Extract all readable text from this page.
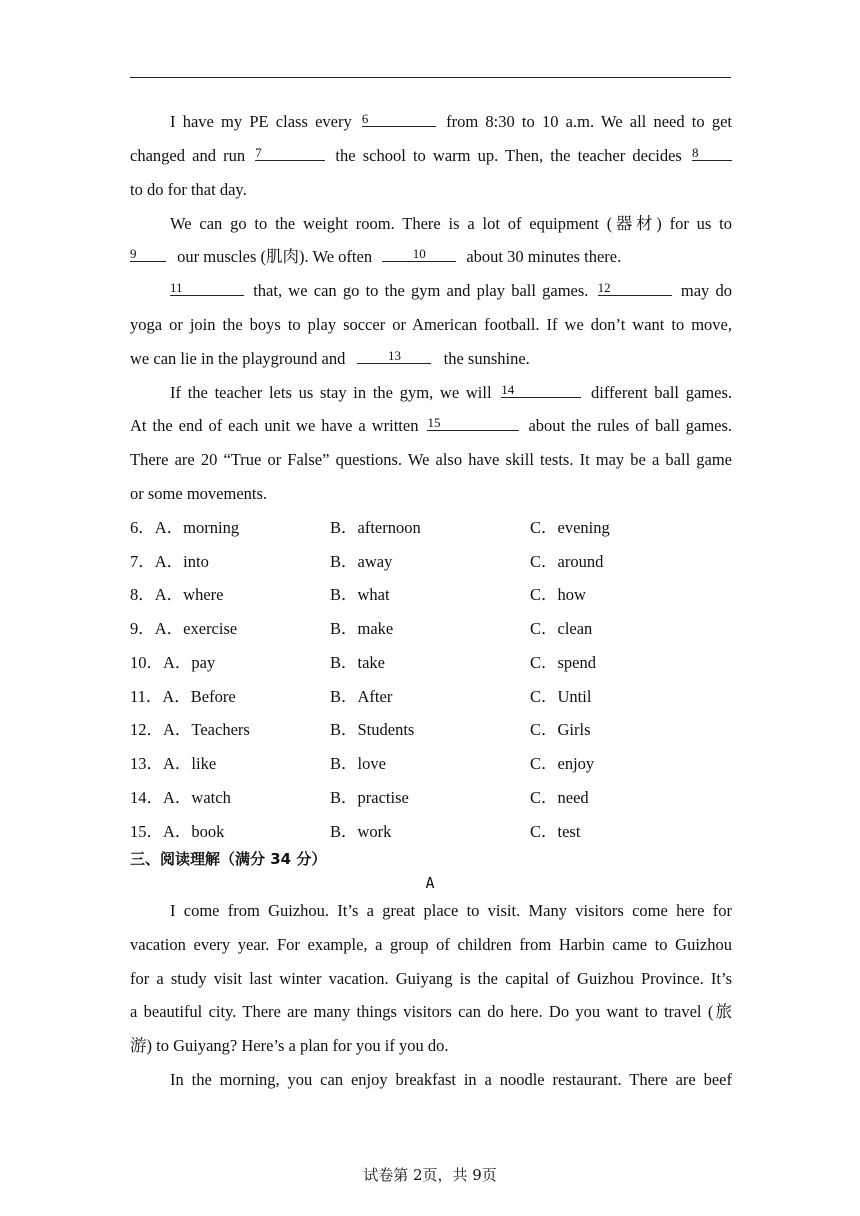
I have my PE class every 6	from 8:30 to 10 a.m. We all need to get
changed and run 7	the school to warm up. Then, the teacher decides 8
to do for that day.
We can go to the weight room. There is a lot of equipment (器材) for us to
9	our muscles (肌肉). We often	10	about 30 minutes there.
11	that, we can go to the gym and play ball games. 12	may do
yoga or join the boys to play soccer or American football. If we don’t want to move,
we can lie in the playground and	13	the sunshine.
If the teacher lets us stay in the gym, we will 14	different ball games.
At the end of each unit we have a written 15	about the rules of ball games.
There are 20 “True or False” questions. We also have skill tests. It may be a ball game
or some movements.
6．A．morning	B．afternoon	C．evening
7．A．into	B．away	C．around
8．A．where	B．what	C．how
9．A．exercise	B．make	C．clean
10．A．pay	B．take	C．spend
11．A．Before	B．After	C．Until
12．A．Teachers	B．Students	C．Girls
13．A．like	B．love	C．enjoy
14．A．watch	B．practise	C．need
15．A．book	B．work	C．test
三、阅读理解（满分 34 分）
A
I come from Guizhou. It’s a great place to visit. Many visitors come here for
vacation every year. For example, a group of children from Harbin came to Guizhou
for a study visit last winter vacation. Guiyang is the capital of Guizhou Province. It’s
a beautiful city. There are many things visitors can do here. Do you want to travel (旅
游) to Guiyang? Here’s a plan for you if you do.
In the morning, you can enjoy breakfast in a noodle restaurant. There are beef
试卷第 2页，共 9页
